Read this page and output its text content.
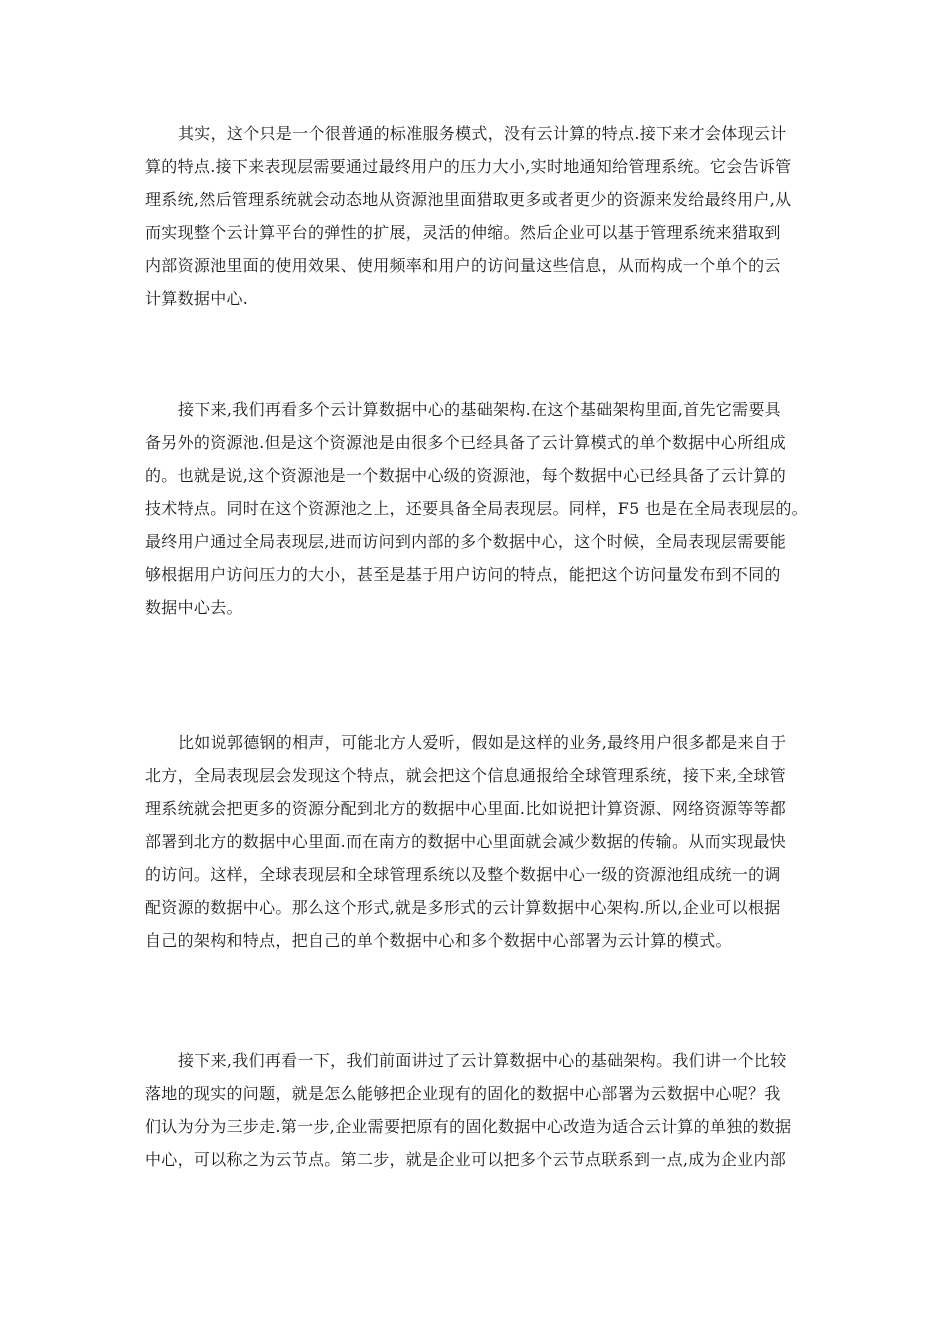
其实，这个只是一个很普通的标准服务模式，没有云计算的特点.接下来才会体现云计
算的特点.接下来表现层需要通过最终用户的压力大小,实时地通知给管理系统。它会告诉管
理系统,然后管理系统就会动态地从资源池里面猎取更多或者更少的资源来发给最终用户,从
而实现整个云计算平台的弹性的扩展，灵活的伸缩。然后企业可以基于管理系统来猎取到
内部资源池里面的使用效果、使用频率和用户的访问量这些信息，从而构成一个单个的云
计算数据中心.
接下来,我们再看多个云计算数据中心的基础架构.在这个基础架构里面,首先它需要具
备另外的资源池.但是这个资源池是由很多个已经具备了云计算模式的单个数据中心所组成
的。也就是说,这个资源池是一个数据中心级的资源池，每个数据中心已经具备了云计算的
技术特点。同时在这个资源池之上，还要具备全局表现层。同样，F5 也是在全局表现层的。
最终用户通过全局表现层,进而访问到内部的多个数据中心，这个时候，全局表现层需要能
够根据用户访问压力的大小，甚至是基于用户访问的特点，能把这个访问量发布到不同的
数据中心去。
比如说郭德钢的相声，可能北方人爱听，假如是这样的业务,最终用户很多都是来自于
北方，全局表现层会发现这个特点，就会把这个信息通报给全球管理系统，接下来,全球管
理系统就会把更多的资源分配到北方的数据中心里面.比如说把计算资源、网络资源等等都
部署到北方的数据中心里面.而在南方的数据中心里面就会减少数据的传输。从而实现最快
的访问。这样，全球表现层和全球管理系统以及整个数据中心一级的资源池组成统一的调
配资源的数据中心。那么这个形式,就是多形式的云计算数据中心架构.所以,企业可以根据
自己的架构和特点，把自己的单个数据中心和多个数据中心部署为云计算的模式。
接下来,我们再看一下，我们前面讲过了云计算数据中心的基础架构。我们讲一个比较
落地的现实的问题，就是怎么能够把企业现有的固化的数据中心部署为云数据中心呢？我
们认为分为三步走.第一步,企业需要把原有的固化数据中心改造为适合云计算的单独的数据
中心，可以称之为云节点。第二步，就是企业可以把多个云节点联系到一点,成为企业内部
